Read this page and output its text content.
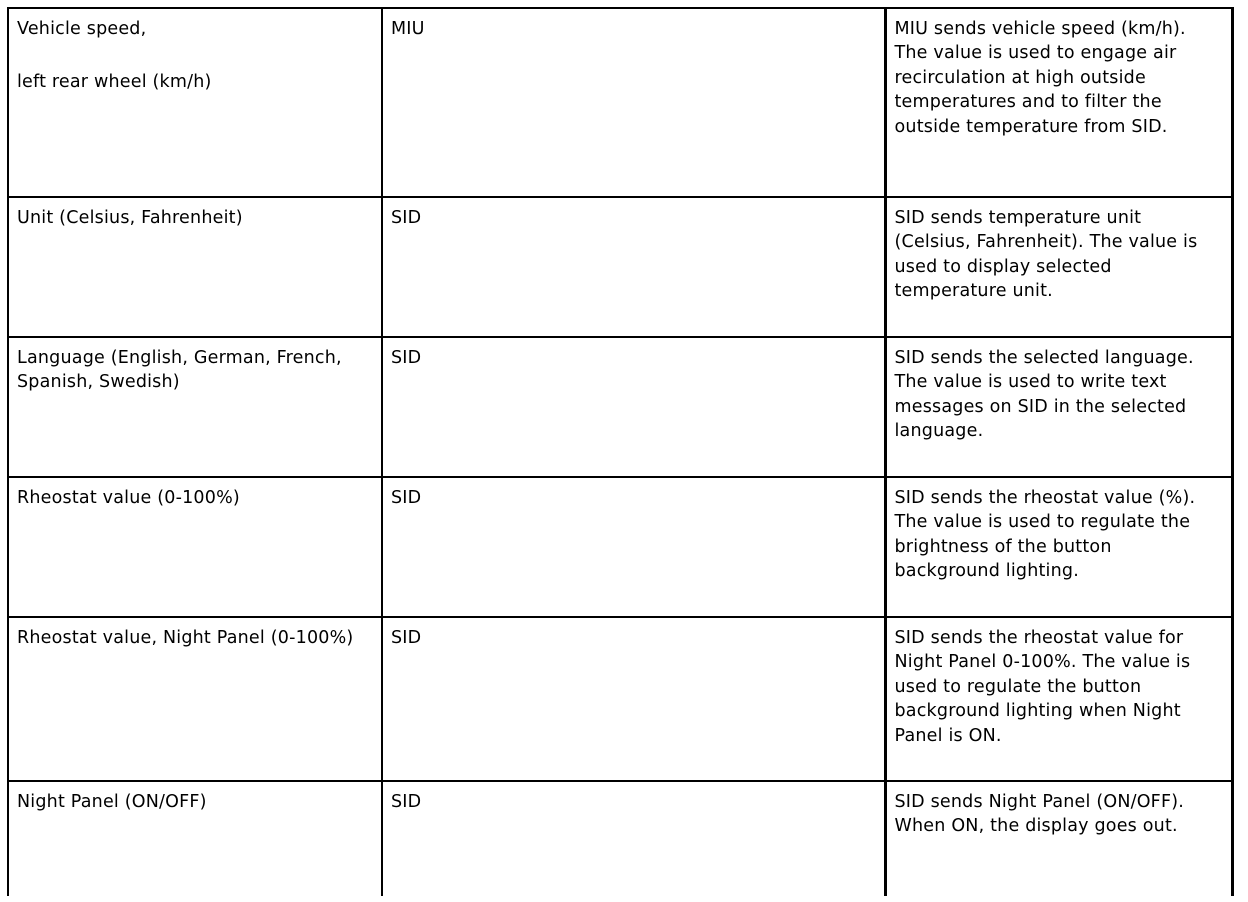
Vehicle speed,
left rear wheel (km/h)	MIU	MIU sends vehicle speed (km/h). The value is used to engage air recirculation at high outside temperatures and to filter the outside temperature from SID.

Unit (Celsius, Fahrenheit)	SID	SID sends temperature unit (Celsius, Fahrenheit). The value is used to display selected temperature unit.

Language (English, German, French, Spanish, Swedish)	SID	SID sends the selected language. The value is used to write text messages on SID in the selected language.

Rheostat value (0-100%)	SID	SID sends the rheostat value (%). The value is used to regulate the brightness of the button background lighting.

Rheostat value, Night Panel (0-100%)	SID	SID sends the rheostat value for Night Panel 0-100%. The value is used to regulate the button background lighting when Night Panel is ON.

Night Panel (ON/OFF)	SID	SID sends Night Panel (ON/OFF). When ON, the display goes out.
